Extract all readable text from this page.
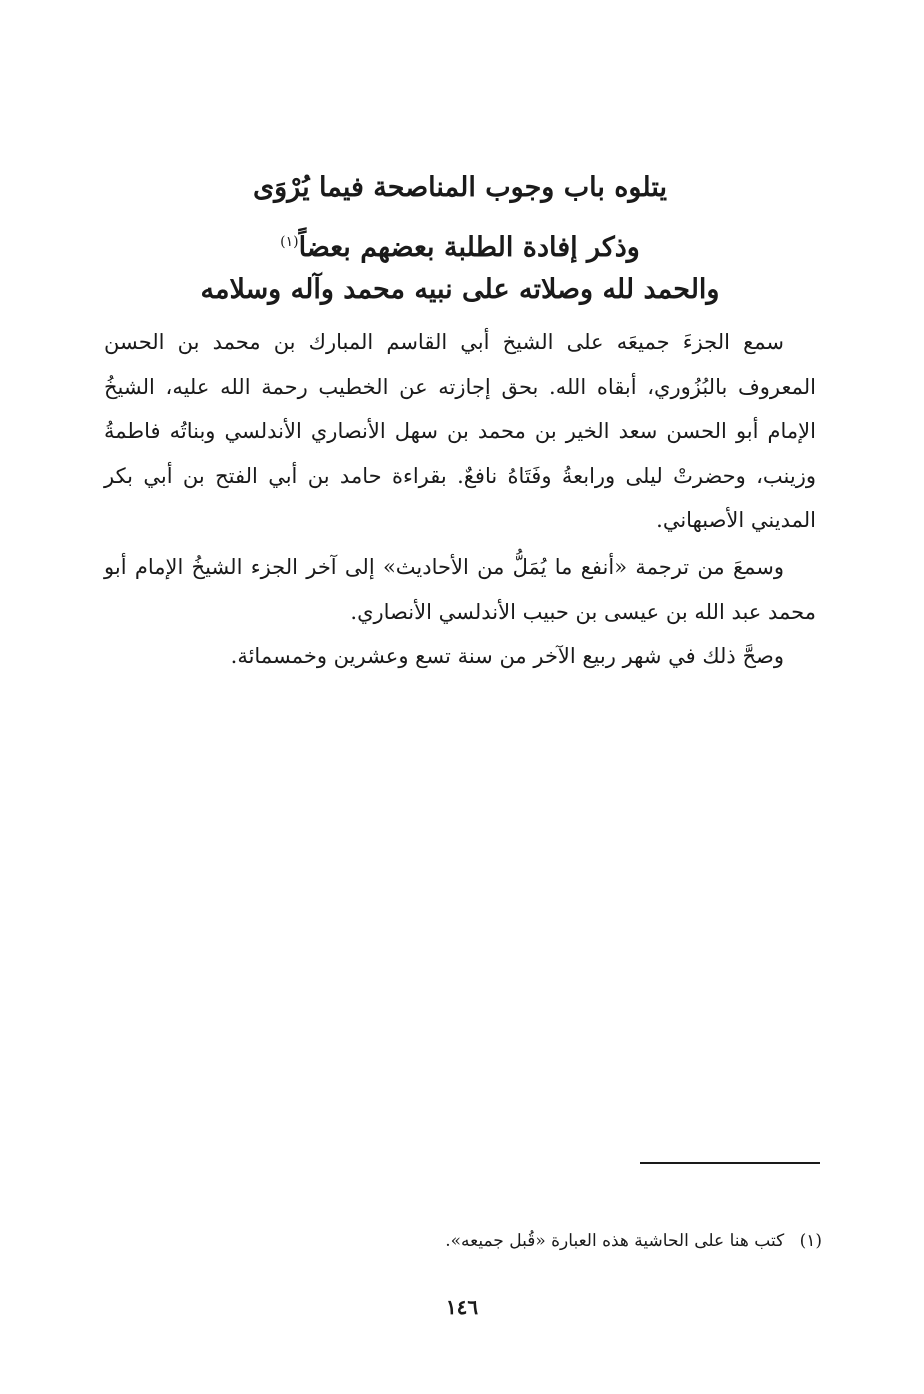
يتلوه باب وجوب المناصحة فيما يُرْوَى
وذكر إفادة الطلبة بعضهم بعضاً$^{(١)}$
والحمد لله وصلاته على نبيه محمد وآله وسلامه

سمع الجزءَ جميعَه على الشيخ أبي القاسم المبارك بن محمد بن الحسن المعروف بالبُزُوري، أبقاه الله. بحق إجازته عن الخطيب رحمة الله عليه، الشيخُ الإمام أبو الحسن سعد الخير بن محمد بن سهل الأنصاري الأندلسي وبناتُه فاطمةُ وزينب، وحضرتْ ليلى ورابعةُ وفَتَاهُ نافعٌ. بقراءة حامد بن أبي الفتح بن أبي بكر المديني الأصبهاني.

وسمعَ من ترجمة «أنفع ما يُمَلُّ من الأحاديث» إلى آخر الجزء الشيخُ الإمام أبو محمد عبد الله بن عيسى بن حبيب الأندلسي الأنصاري.

وصحَّ ذلك في شهر ربيع الآخر من سنة تسع وعشرين وخمسمائة.

(١) كتب هنا على الحاشية هذه العبارة «قُبل جميعه».
١٤٦
